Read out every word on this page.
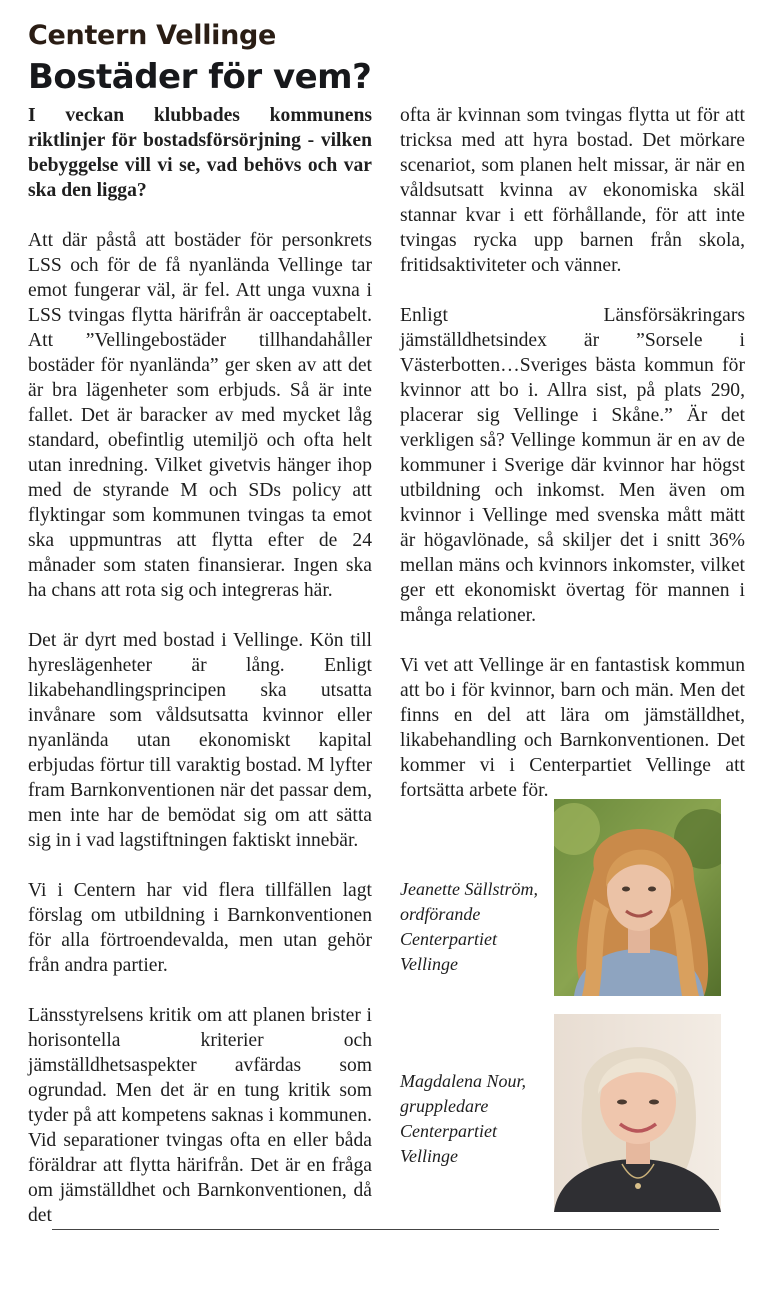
Centern Vellinge
Bostäder för vem?

I veckan klubbades kommunens riktlinjer för bostadsförsörjning - vilken bebyggelse vill vi se, vad behövs och var ska den ligga?

Att där påstå att bostäder för personkrets LSS och för de få nyanlända Vellinge tar emot fungerar väl, är fel. Att unga vuxna i LSS tvingas flytta härifrån är oacceptabelt. Att ”Vellingebostäder tillhandahåller bostäder för nyanlända” ger sken av att det är bra lägenheter som erbjuds. Så är inte fallet. Det är baracker av med mycket låg standard, obefintlig utemiljö och ofta helt utan inredning. Vilket givetvis hänger ihop med de styrande M och SDs policy att flyktingar som kommunen tvingas ta emot ska uppmuntras att flytta efter de 24 månader som staten finansierar. Ingen ska ha chans att rota sig och integreras här.

Det är dyrt med bostad i Vellinge. Kön till hyreslägenheter är lång. Enligt likabehandlingsprincipen ska utsatta invånare som våldsutsatta kvinnor eller nyanlända utan ekonomiskt kapital erbjudas förtur till varaktig bostad. M lyfter fram Barnkonventionen när det passar dem, men inte har de bemödat sig om att sätta sig in i vad lagstiftningen faktiskt innebär.

Vi i Centern har vid flera tillfällen lagt förslag om utbildning i Barnkonventionen för alla förtroendevalda, men utan gehör från andra partier.

Länsstyrelsens kritik om att planen brister i horisontella kriterier och jämställdhetsaspekter avfärdas som ogrundad. Men det är en tung kritik som tyder på att kompetens saknas i kommunen. Vid separationer tvingas ofta en eller båda föräldrar att flytta härifrån. Det är en fråga om jämställdhet och Barnkonventionen, då det

ofta är kvinnan som tvingas flytta ut för att tricksa med att hyra bostad. Det mörkare scenariot, som planen helt missar, är när en våldsutsatt kvinna av ekonomiska skäl stannar kvar i ett förhållande, för att inte tvingas rycka upp barnen från skola, fritidsaktiviteter och vänner.

Enligt Länsförsäkringars jämställdhetsindex är ”Sorsele i Västerbotten…Sveriges bästa kommun för kvinnor att bo i. Allra sist, på plats 290, placerar sig Vellinge i Skåne.” Är det verkligen så? Vellinge kommun är en av de kommuner i Sverige där kvinnor har högst utbildning och inkomst. Men även om kvinnor i Vellinge med svenska mått mätt är högavlönade, så skiljer det i snitt 36% mellan mäns och kvinnors inkomster, vilket ger ett ekonomiskt övertag för mannen i många relationer.

Vi vet att Vellinge är en fantastisk kommun att bo i för kvinnor, barn och män. Men det finns en del att lära om jämställdhet, likabehandling och Barnkonventionen. Det kommer vi i Centerpartiet Vellinge att fortsätta arbete för.

Jeanette Sällström,
ordförande
Centerpartiet
Vellinge
Magdalena Nour,
gruppledare
Centerpartiet
Vellinge
